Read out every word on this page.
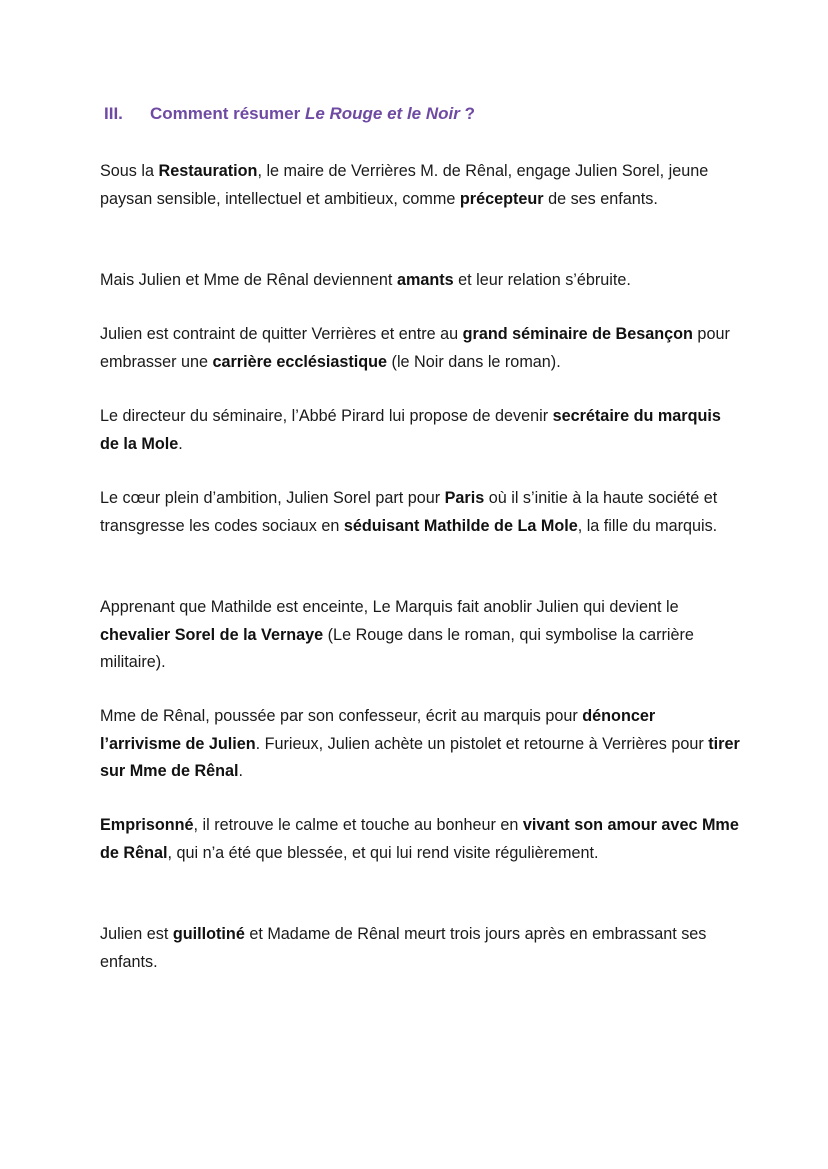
III. Comment résumer Le Rouge et le Noir ?

Sous la Restauration, le maire de Verrières M. de Rênal, engage Julien Sorel, jeune paysan sensible, intellectuel et ambitieux, comme précepteur de ses enfants.

Mais Julien et Mme de Rênal deviennent amants et leur relation s’ébruite.

Julien est contraint de quitter Verrières et entre au grand séminaire de Besançon pour embrasser une carrière ecclésiastique (le Noir dans le roman).

Le directeur du séminaire, l’Abbé Pirard lui propose de devenir secrétaire du marquis de la Mole.

Le cœur plein d’ambition, Julien Sorel part pour Paris où il s’initie à la haute société et transgresse les codes sociaux en séduisant Mathilde de La Mole, la fille du marquis.

Apprenant que Mathilde est enceinte, Le Marquis fait anoblir Julien qui devient le chevalier Sorel de la Vernaye (Le Rouge dans le roman, qui symbolise la carrière militaire).

Mme de Rênal, poussée par son confesseur, écrit au marquis pour dénoncer l’arrivisme de Julien. Furieux, Julien achète un pistolet et retourne à Verrières pour tirer sur Mme de Rênal.

Emprisonné, il retrouve le calme et touche au bonheur en vivant son amour avec Mme de Rênal, qui n’a été que blessée, et qui lui rend visite régulièrement.

Julien est guillotiné et Madame de Rênal meurt trois jours après en embrassant ses enfants.
